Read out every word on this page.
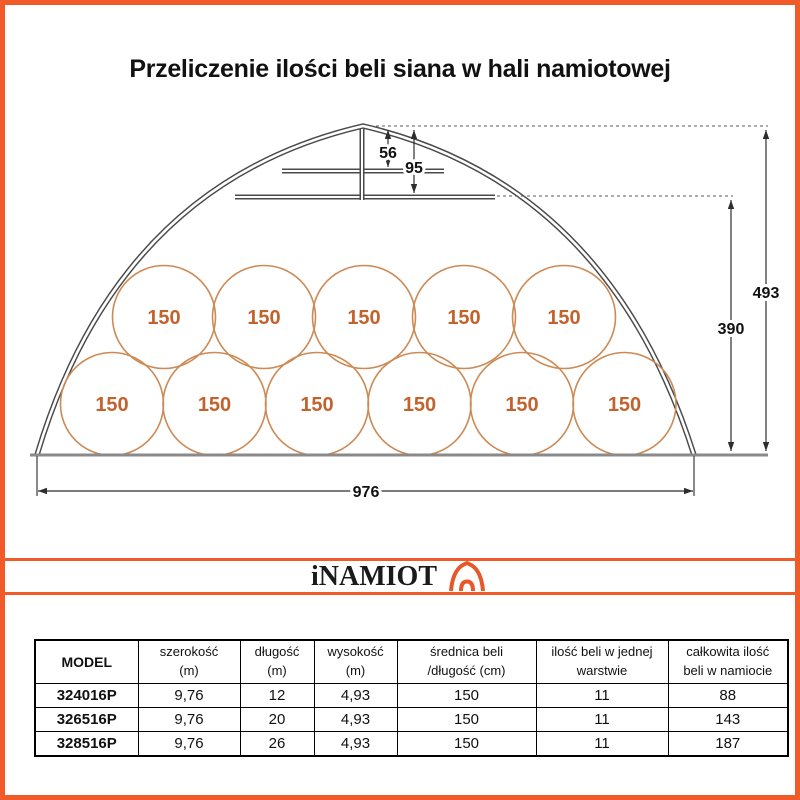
Przeliczenie ilości beli siana w hali namiotowej
150	150	150	150	150
150	150	150	150	150	150
56
95
493
390
976
iNAMIOT
MODEL

szerokość
(m)

długość
(m)

wysokość
(m)

średnica beli
/długość (cm)

ilość beli w jednej
warstwie

całkowita ilość
beli w namiocie

324016P	9,76	12	4,93	150	11	88
326516P	9,76	20	4,93	150	11	143
328516P	9,76	26	4,93	150	11	187
